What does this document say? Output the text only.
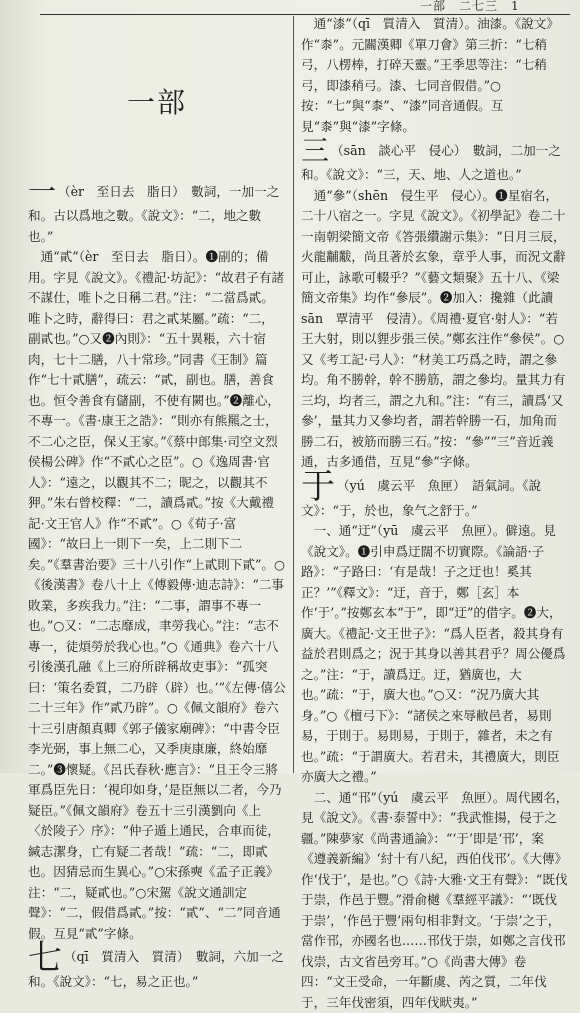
一部　二七三　1
一部
一 （èr　至日去　脂日）　數詞，一加一之和。古以爲地之數。《說文》：“二，地之數也。”

　通“貳”（èr　至日去　脂日）。❶副的；備用。字見《說文》。《禮記·坊記》：“故君子有諸不謀仕，唯卜之日稱二君。”注：“二當爲貳。唯卜之時，辭得曰：君之貳某屬。”疏：“二，副貳也。”○又❷內則》：“五十異粻，六十宿肉，七十二膳，八十常珍。”同書《王制》篇作“七十貳膳”，疏云：“貳，副也。膳，善食也。恒令善食有儲副，不使有闕也。”❷離心，不專一。《書·康王之誥》：“則亦有熊羆之士，不二心之臣，保乂王家。”《蔡中郎集·司空文烈侯楊公碑》作“不貳心之臣”。○《逸周書·官人》：“遠之，以觀其不二；昵之，以觀其不狎。”朱右曾校釋：“二，讀爲貳。”按《大戴禮記·文王官人》作“不貳”。○《荀子·富國》：“故曰上一則下一矣，上二則下二矣。”《羣書治要》三十八引作“上貳則下貳”。○《後漢書》卷八十上《傅毅傳·迪志詩》：“二事敗業，多疾我力。”注：“二事，謂事不專一也。”○又：“二志靡成，聿勞我心。”注：“志不專一，徒煩勞於我心也。”○《通典》卷六十八引後漢孔融《上三府所辟稱故吏事》：“孤突曰：‘策名委質，二乃辟（辟）也。’”《左傳·僖公二十三年》作“貳乃辟”。○《佩文韻府》卷六十三引唐顏真卿《郭子儀家廟碑》：“中書令臣李光弼，事上無二心，又季庚康廉，終始靡二。”❸懷疑。《呂氏春秋·應言》：“且王令三將軍爲臣先日：‘視印如身，’是臣無以二者，今乃疑臣。”《佩文韻府》卷五十三引漢劉向《上〈於陵子〉序》：“仲子遁上通民，合車而徒，緘志潔身，亡有疑二者哉！”疏：“二，即貳也。因猜忌而生異心。”○宋孫奭《孟子正義》注：“二，疑貳也。”○宋駕《說文通訓定聲》：“二，假借爲貳。”按：“貳”、“二”同音通假。互見“貳”字條。

七 （qī　質清入　質清）　數詞，六加一之和。《說文》：“七，易之正也。”

　通“漆”（qī　質清入　質清）。油漆。《說文》作“桼”。元關漢卿《單刀會》第三折：“七稍弓，八楞棒，打碎天靈。”王季思等注：“七稍弓，即漆稍弓。漆、七同音假借。”○按：“七”與“桼”、“漆”同音通假。互見“桼”與“漆”字條。

三 （sān　談心平　侵心）　數詞，二加一之和。《說文》：“三，天、地、人之道也。”

　通“參”（shēn　侵生平　侵心）。❶星宿名，二十八宿之一。字見《說文》。《初學記》卷二十一南朝梁簡文帝《答張纘謝示集》：“日月三辰，火龍黼黻，尚且著於玄象，章乎人事，而況文辭可止，詠歌可輟乎？”《藝文類聚》五十八、《梁簡文帝集》均作“參辰”。❷加入：攙雜（此讀 sān　覃清平　侵清）。《周禮·夏官·射人》：“若王大射，則以貍步張三侯。”鄭玄注作“參侯”。○又《考工記·弓人》：“材美工巧爲之時，謂之參均。角不勝幹，幹不勝筋，謂之參均。量其力有三均，均者三，謂之九和。”注：“有三，讀爲‘又參’，量其力又參均者，謂若幹勝一石，加角而勝二石，被筋而勝三石。”按：“參”“三”音近義通，古多通借，互見“參”字條。

于 （yú　虞云平　魚匣）　語氣詞。《說文》：“于，於也，象气之舒于。”

　一、通“迂”（yū　虞云平　魚匣）。僻遠。見《說文》。❶引申爲迂闊不切實際。《論語·子路》：“子路曰：‘有是哉！子之迂也！奚其正？’”《釋文》：“迂，音于，鄭［玄］本作‘于’。”按鄭玄本“于”，即“迂”的借字。❷大，廣大。《禮記·文王世子》：“爲人臣者，殺其身有益於君則爲之；況于其身以善其君乎？周公優爲之。”注：“于，讀爲迂。迂，猶廣也，大也。”疏：“于，廣大也。”○又：“況乃廣大其身。”○《檀弓下》：“諸侯之來辱敝邑者，易則易，于則于。易則易，于則于，雜者，未之有也。”疏：“于謂廣大。若君未，其禮廣大，則臣亦廣大之禮。”

　二、通“邗”（yú　虞云平　魚匣）。周代國名，見《說文》。《書·泰誓中》：“我武惟揚，侵于之疆。”陳夢家《尚書通論》：“‘于’即是‘邗’，案《遵義新編》‘紂十有八紀，西伯伐邗’。《大傳》作‘伐于’，是也。”○《詩·大雅·文王有聲》：“既伐于崇，作邑于豐。”滑俞樾《羣經平議》：“‘既伐于崇’，‘作邑于豐’兩句相非對文。‘于崇’之于，當作邗，亦國名也……邗伐于崇，如鄭之言伐邗伐崇，古文省邑旁耳。”○《尚書大傳》卷四：“文王受命，一年斷虞、芮之質，二年伐于，三年伐密須，四年伐畎夷。”
